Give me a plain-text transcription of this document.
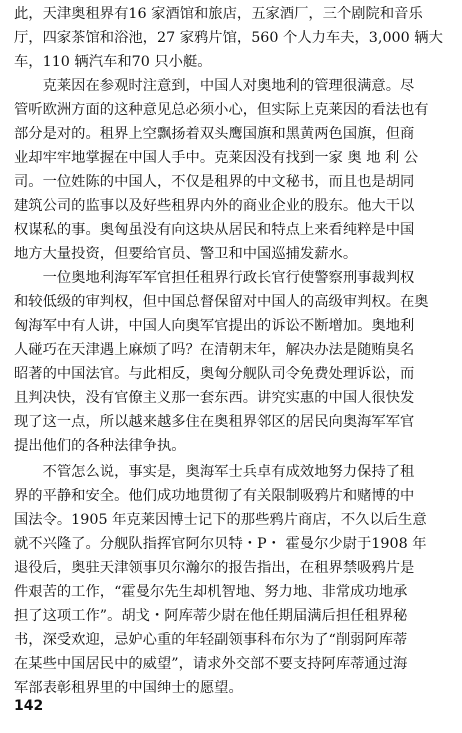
此，天津奥租界有16 家酒馆和旅店，五家酒厂，三个剧院和音乐
厅，四家茶馆和浴池，27 家鸦片馆，560 个人力车夫，3,000 辆大
车，110 辆汽车和70 只小艇。
　　克莱因在参观时注意到，中国人对奥地利的管理很满意。尽
管听欧洲方面的这种意见总必须小心，但实际上克莱因的看法也有
部分是对的。租界上空飘扬着双头鹰国旗和黑黄两色国旗，但商
业却牢牢地掌握在中国人手中。克莱因没有找到一家 奥 地 利 公
司。一位姓陈的中国人，不仅是租界的中文秘书，而且也是胡同
建筑公司的监事以及好些租界内外的商业企业的股东。他大干以
权谋私的事。奥匈虽没有向这块从居民和特点上来看纯粹是中国
地方大量投资，但要给官员、警卫和中国巡捕发薪水。
　　一位奥地利海军军官担任租界行政长官行使警察刑事裁判权
和较低级的审判权，但中国总督保留对中国人的高级审判权。在奥
匈海军中有人讲，中国人向奥军官提出的诉讼不断增加。奥地利
人碰巧在天津遇上麻烦了吗？在清朝末年，解决办法是随贿臭名
昭著的中国法官。与此相反，奥匈分舰队司令免费处理诉讼，而
且判决快，没有官僚主义那一套东西。讲究实惠的中国人很快发
现了这一点，所以越来越多住在奥租界邻区的居民向奥海军军官
提出他们的各种法律争执。
　　不管怎么说，事实是，奥海军士兵卓有成效地努力保持了租
界的平静和安全。他们成功地贯彻了有关限制吸鸦片和赌博的中
国法令。1905 年克莱因博士记下的那些鸦片商店，不久以后生意
就不兴隆了。分舰队指挥官阿尔贝特・P・ 霍曼尔少尉于1908 年
退役后，奥驻天津领事贝尔瀚尔的报告指出，在租界禁吸鸦片是
件艰苦的工作，“霍曼尔先生却机智地、努力地、非常成功地承
担了这项工作”。胡戈・阿库蒂少尉在他任期届满后担任租界秘
书，深受欢迎，忌妒心重的年轻副领事科布尔为了“削弱阿库蒂
在某些中国居民中的威望”，请求外交部不要支持阿库蒂通过海
军部表彰租界里的中国绅士的愿望。
142
